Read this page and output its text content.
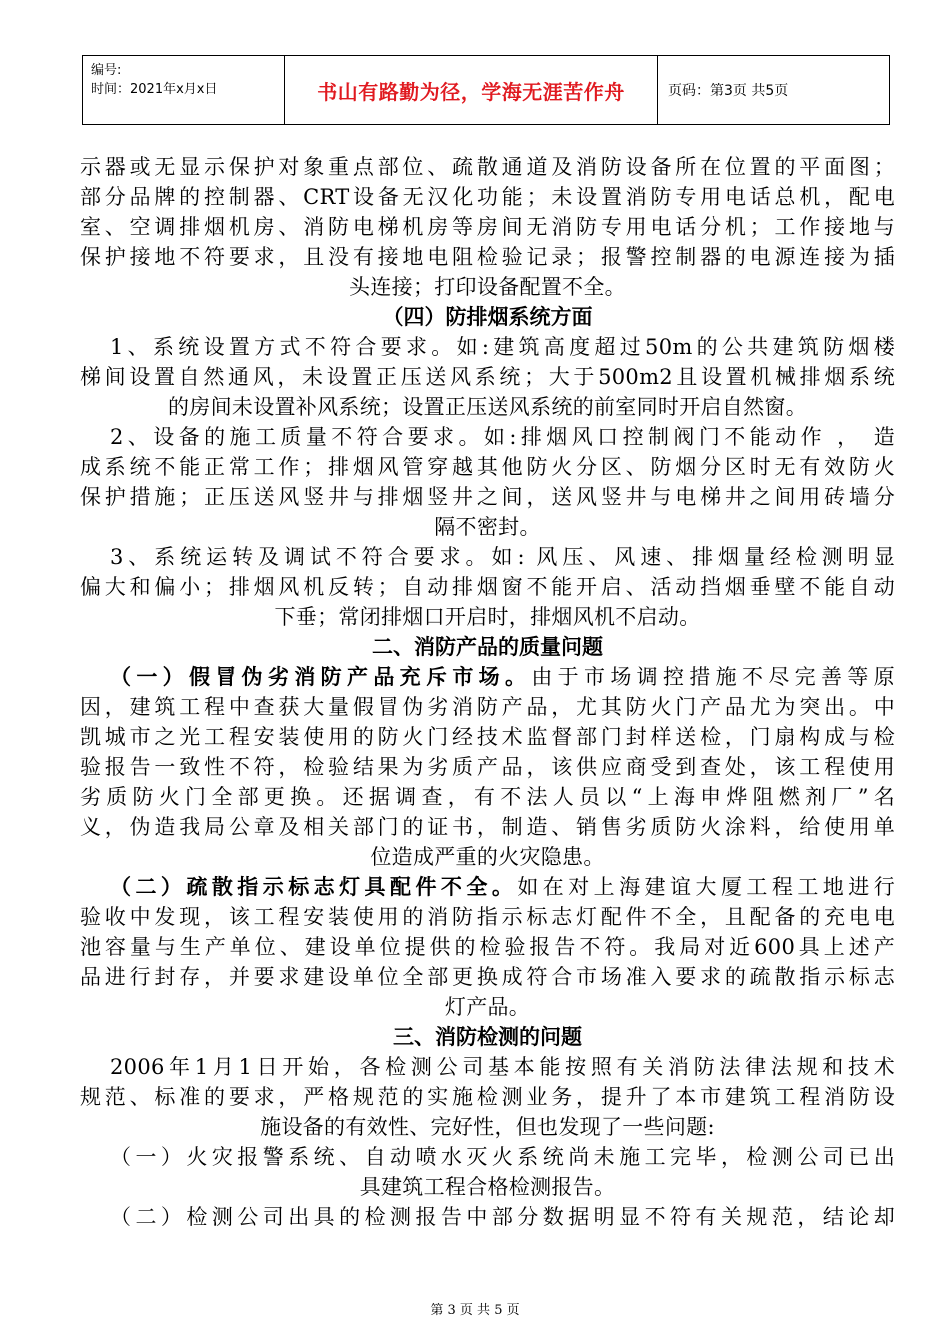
编号:
时间：2021年x月x日	书山有路勤为径，学海无涯苦作舟	页码：第3页 共5页
示器或无显示保护对象重点部位、疏散通道及消防设备所在位置的平面图；
部分品牌的控制器、CRT设备无汉化功能；未设置消防专用电话总机，配电
室、空调排烟机房、消防电梯机房等房间无消防专用电话分机；工作接地与
保护接地不符要求，且没有接地电阻检验记录；报警控制器的电源连接为插
头连接；打印设备配置不全。
（四）防排烟系统方面
1、系统设置方式不符合要求。如:建筑高度超过50m的公共建筑防烟楼
梯间设置自然通风，未设置正压送风系统；大于500m2且设置机械排烟系统
的房间未设置补风系统；设置正压送风系统的前室同时开启自然窗。
2、设备的施工质量不符合要求。如:排烟风口控制阀门不能动作 ， 造
成系统不能正常工作；排烟风管穿越其他防火分区、防烟分区时无有效防火
保护措施；正压送风竖井与排烟竖井之间，送风竖井与电梯井之间用砖墙分
隔不密封。
3、系统运转及调试不符合要求。如: 风压、风速、排烟量经检测明显
偏大和偏小；排烟风机反转；自动排烟窗不能开启、活动挡烟垂壁不能自动
下垂；常闭排烟口开启时，排烟风机不启动。
二、消防产品的质量问题
（一）假冒伪劣消防产品充斥市场。由于市场调控措施不尽完善等原
因，建筑工程中查获大量假冒伪劣消防产品，尤其防火门产品尤为突出。中
凯城市之光工程安装使用的防火门经技术监督部门封样送检，门扇构成与检
验报告一致性不符，检验结果为劣质产品，该供应商受到查处，该工程使用
劣质防火门全部更换。还据调查，有不法人员以“上海申烨阻燃剂厂”名
义，伪造我局公章及相关部门的证书，制造、销售劣质防火涂料，给使用单
位造成严重的火灾隐患。
（二）疏散指示标志灯具配件不全。如在对上海建谊大厦工程工地进行
验收中发现，该工程安装使用的消防指示标志灯配件不全，且配备的充电电
池容量与生产单位、建设单位提供的检验报告不符。我局对近600具上述产
品进行封存，并要求建设单位全部更换成符合市场准入要求的疏散指示标志
灯产品。
三、消防检测的问题
2006年1月1日开始，各检测公司基本能按照有关消防法律法规和技术
规范、标准的要求，严格规范的实施检测业务，提升了本市建筑工程消防设
施设备的有效性、完好性，但也发现了一些问题:
（一）火灾报警系统、自动喷水灭火系统尚未施工完毕，检测公司已出
具建筑工程合格检测报告。
（二）检测公司出具的检测报告中部分数据明显不符有关规范，结论却
第 3 页 共 5 页
